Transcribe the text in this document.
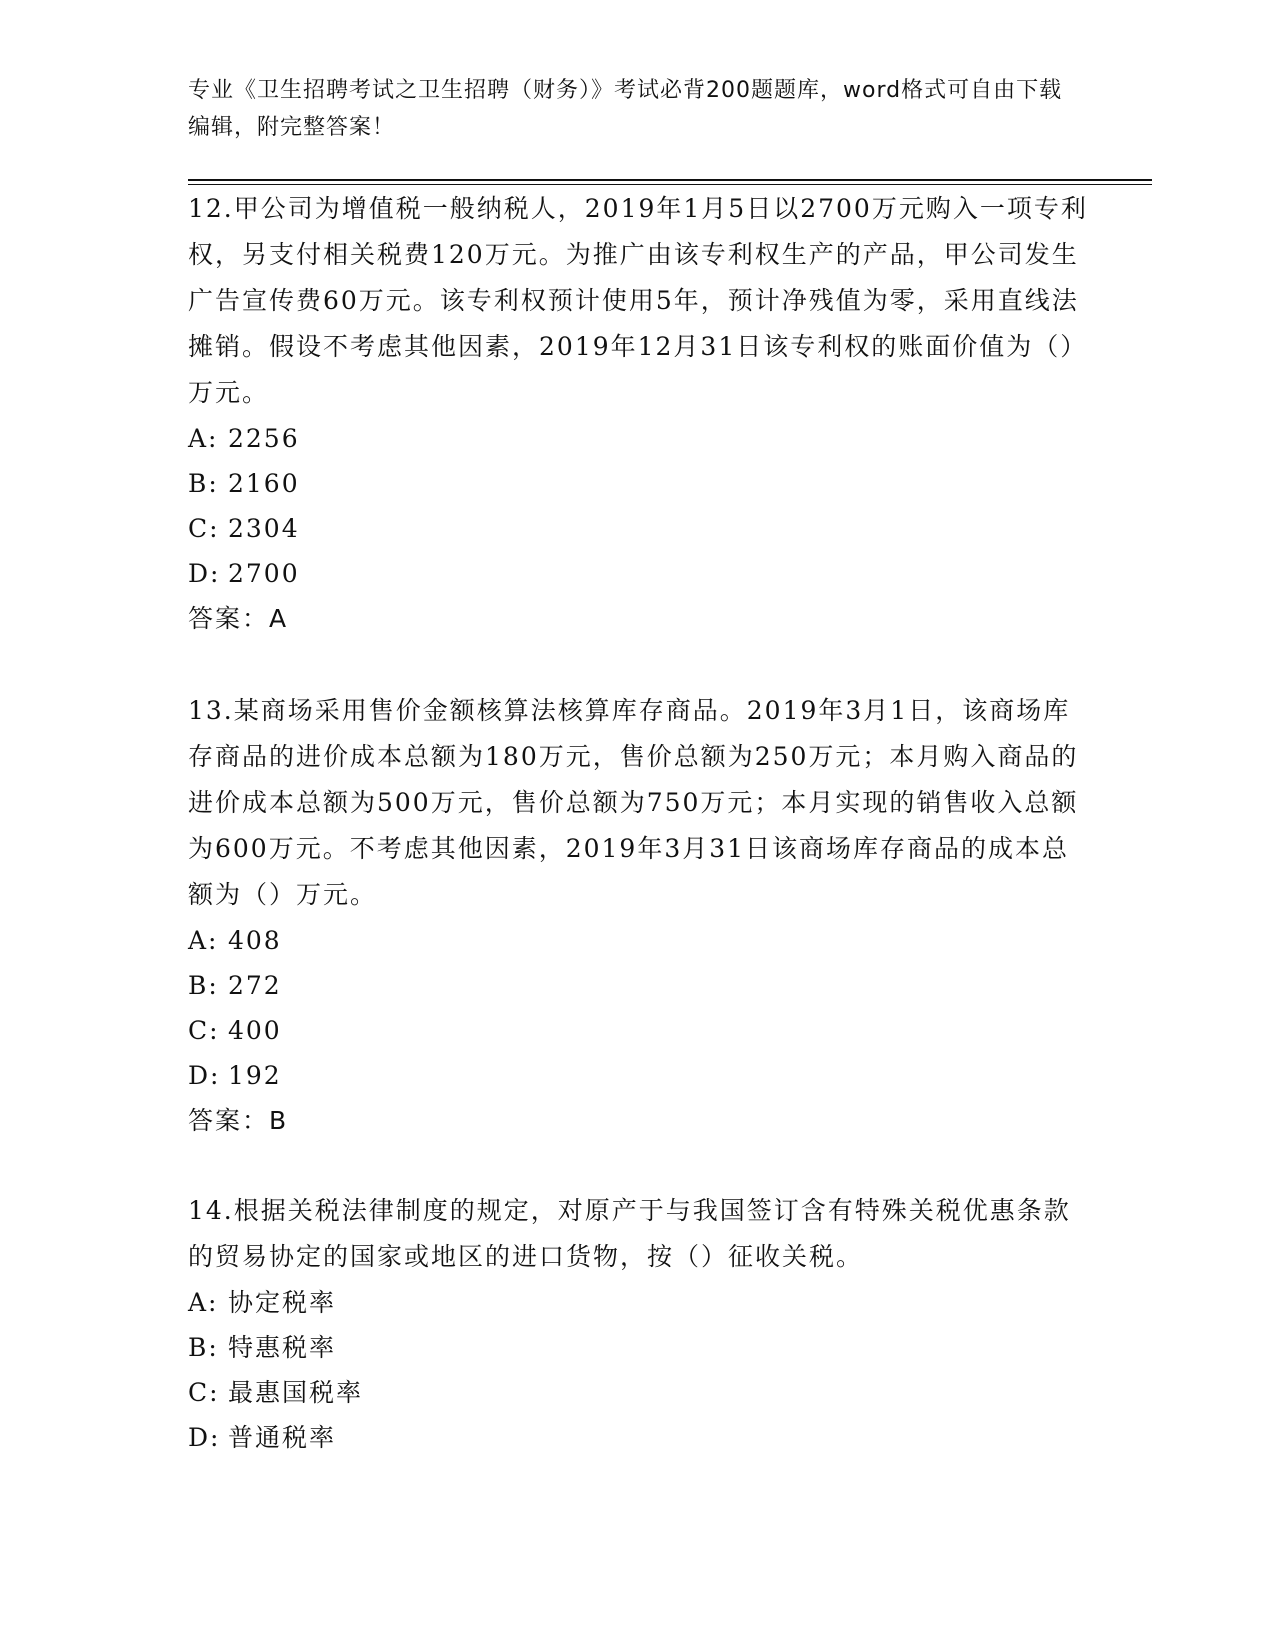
专业《卫生招聘考试之卫生招聘（财务）》考试必背200题题库，word格式可自由下载编辑，附完整答案！
12.甲公司为增值税一般纳税人，2019年1月5日以2700万元购入一项专利权，另支付相关税费120万元。为推广由该专利权生产的产品，甲公司发生广告宣传费60万元。该专利权预计使用5年，预计净残值为零，采用直线法摊销。假设不考虑其他因素，2019年12月31日该专利权的账面价值为（）万元。
A: 2256
B: 2160
C: 2304
D: 2700
答案：A
13.某商场采用售价金额核算法核算库存商品。2019年3月1日，该商场库存商品的进价成本总额为180万元，售价总额为250万元；本月购入商品的进价成本总额为500万元，售价总额为750万元；本月实现的销售收入总额为600万元。不考虑其他因素，2019年3月31日该商场库存商品的成本总额为（）万元。
A: 408
B: 272
C: 400
D: 192
答案：B
14.根据关税法律制度的规定，对原产于与我国签订含有特殊关税优惠条款的贸易协定的国家或地区的进口货物，按（）征收关税。
A: 协定税率
B: 特惠税率
C: 最惠国税率
D: 普通税率
